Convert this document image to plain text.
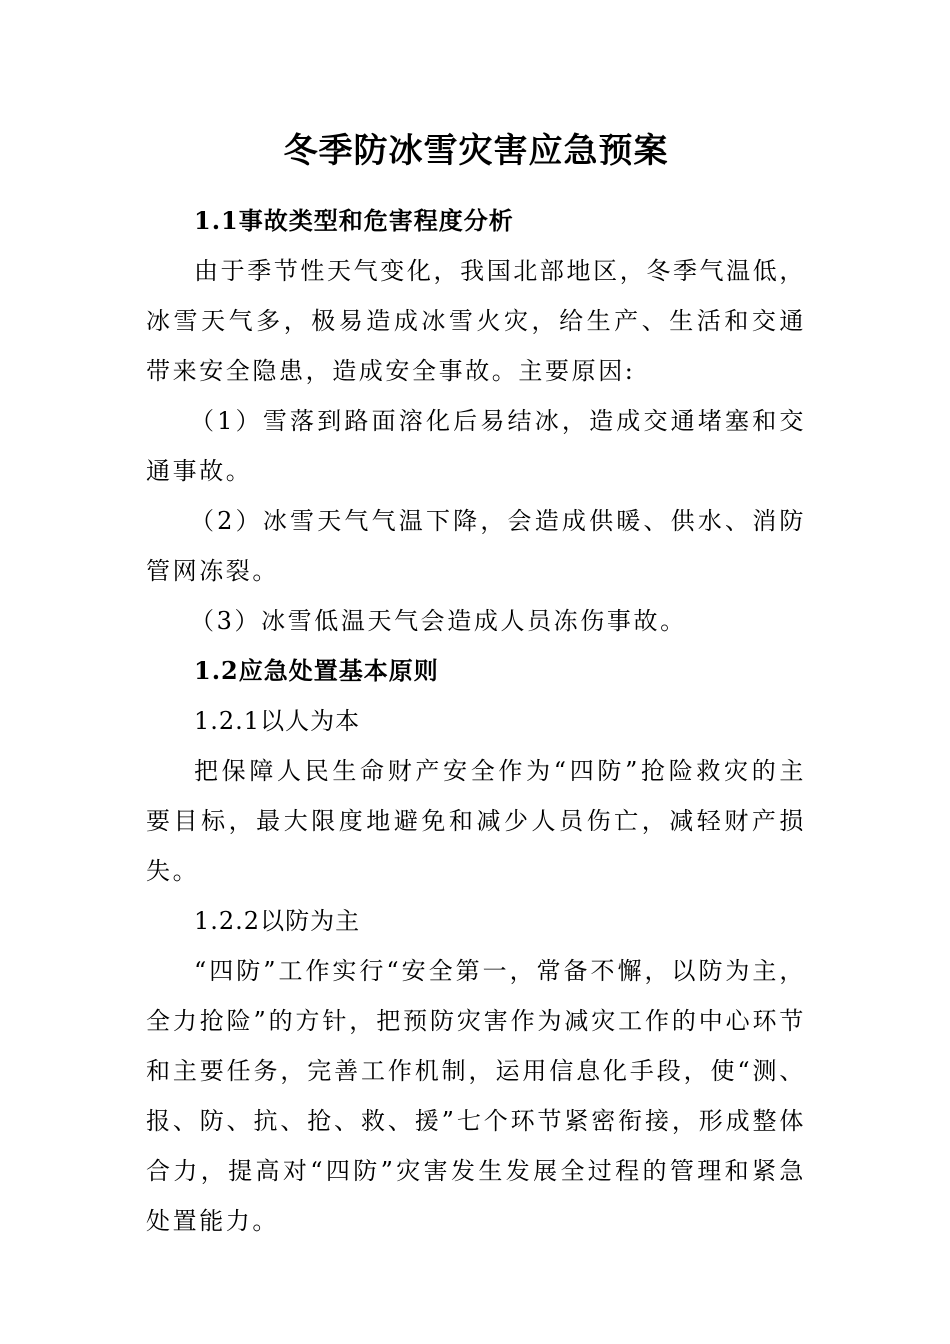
冬季防冰雪灾害应急预案

1.1事故类型和危害程度分析

由于季节性天气变化，我国北部地区，冬季气温低，冰雪天气多，极易造成冰雪火灾，给生产、生活和交通带来安全隐患，造成安全事故。主要原因:

（1）雪落到路面溶化后易结冰，造成交通堵塞和交通事故。

（2）冰雪天气气温下降，会造成供暖、供水、消防管网冻裂。

（3）冰雪低温天气会造成人员冻伤事故。

1.2应急处置基本原则

1.2.1以人为本

把保障人民生命财产安全作为“四防”抢险救灾的主要目标，最大限度地避免和减少人员伤亡，减轻财产损失。

1.2.2以防为主

“四防”工作实行“安全第一，常备不懈，以防为主，全力抢险”的方针，把预防灾害作为减灾工作的中心环节和主要任务，完善工作机制，运用信息化手段，使“测、报、防、抗、抢、救、援”七个环节紧密衔接，形成整体合力，提高对“四防”灾害发生发展全过程的管理和紧急处置能力。
